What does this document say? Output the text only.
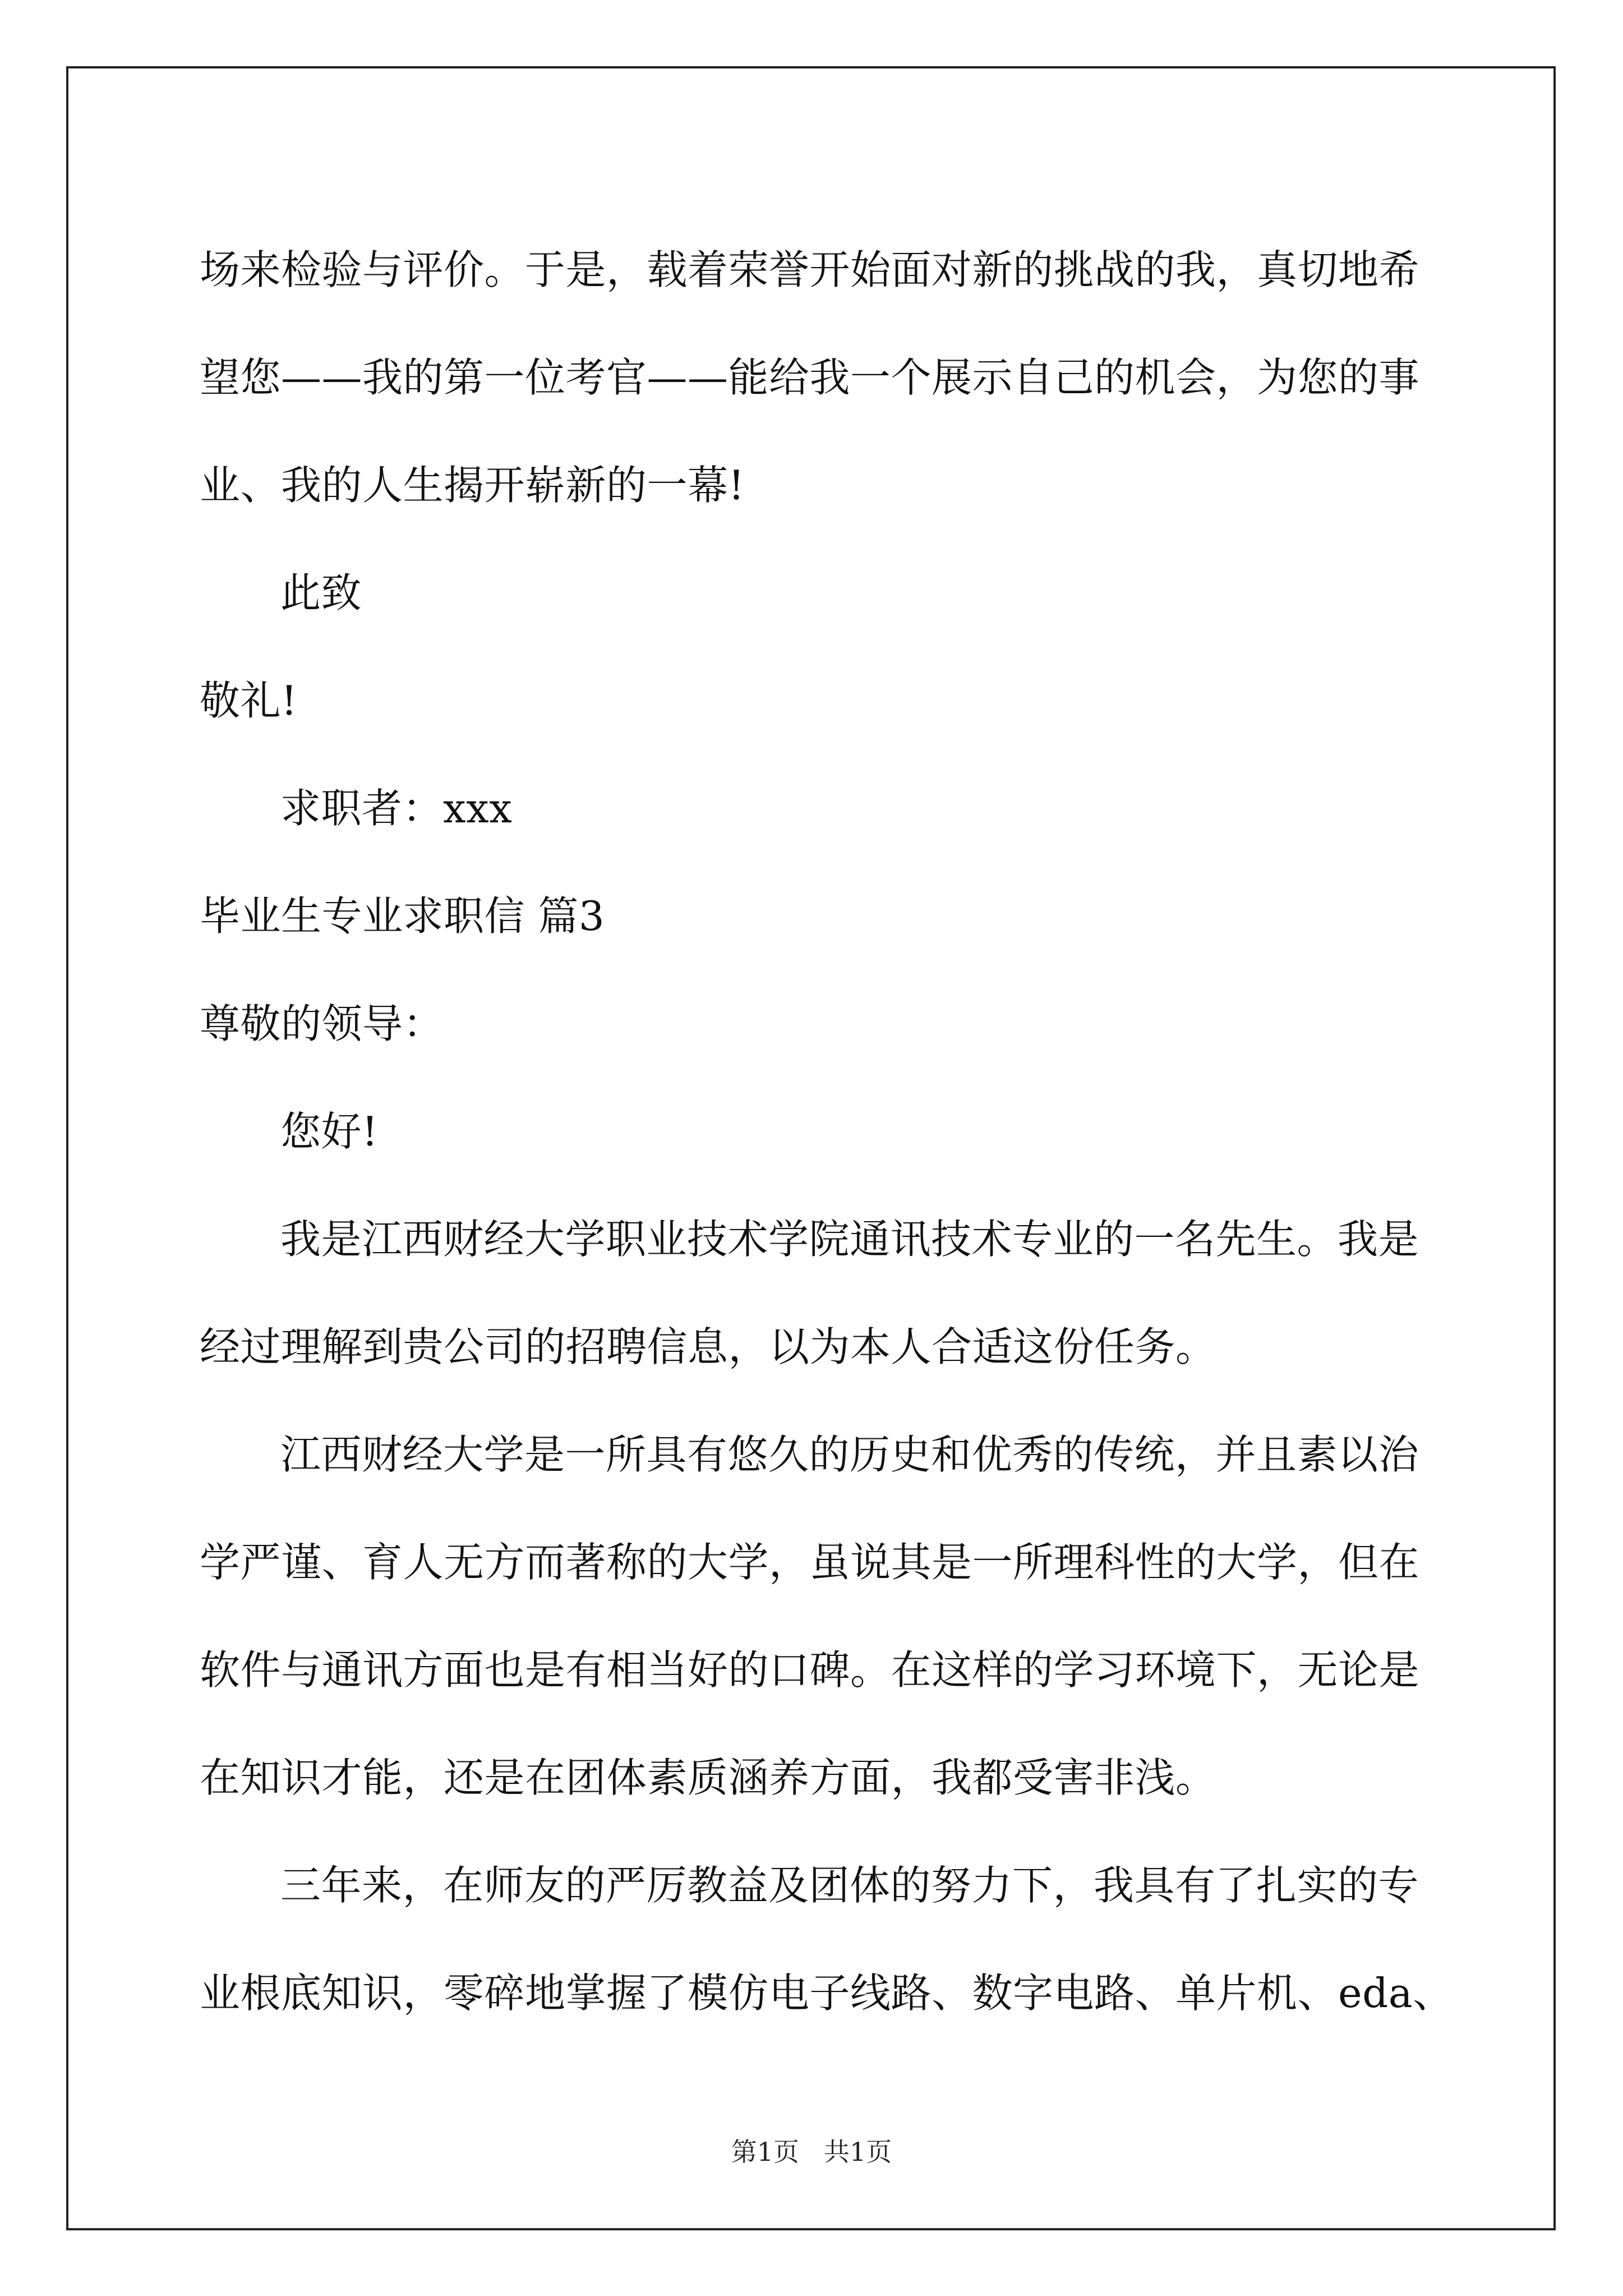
场来检验与评价。于是，载着荣誉开始面对新的挑战的我，真切地希
望您——我的第一位考官——能给我一个展示自己的机会，为您的事
业、我的人生揭开崭新的一幕!
此致
敬礼!
求职者：xxx
毕业生专业求职信 篇3
尊敬的领导：
您好!
我是江西财经大学职业技术学院通讯技术专业的一名先生。我是
经过理解到贵公司的招聘信息，以为本人合适这份任务。
江西财经大学是一所具有悠久的历史和优秀的传统，并且素以治
学严谨、育人无方而著称的大学，虽说其是一所理科性的大学，但在
软件与通讯方面也是有相当好的口碑。在这样的学习环境下，无论是
在知识才能，还是在团体素质涵养方面，我都受害非浅。
三年来，在师友的严厉教益及团体的努力下，我具有了扎实的专
业根底知识，零碎地掌握了模仿电子线路、数字电路、单片机、eda、
第1页 共1页
